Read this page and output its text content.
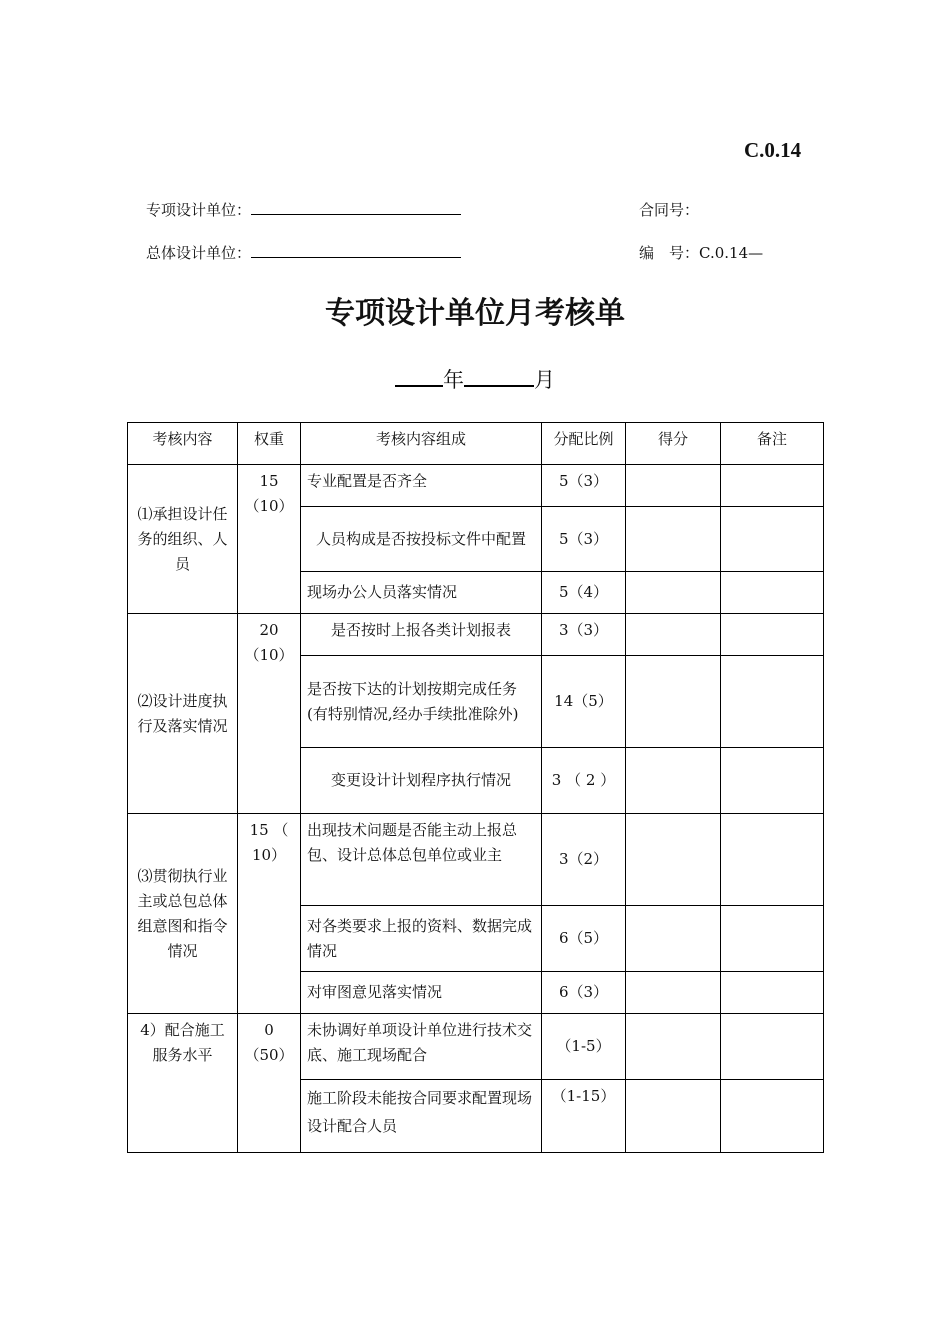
C.0.14
专项设计单位：	合同号：
总体设计单位：	编　号：C.0.14—
专项设计单位月考核单
年	月
考核内容	权重	考核内容组成	分配比例	得分	备注
⑴承担设计任务的组织、人员	15（10）	专业配置是否齐全	5（3）		
		人员构成是否按投标文件中配置	5（3）		
		现场办公人员落实情况	5（4）		
⑵设计进度执行及落实情况	20（10）	是否按时上报各类计划报表	3（3）		
		是否按下达的计划按期完成任务(有特别情况,经办手续批准除外)	14（5）		
		变更设计计划程序执行情况	3 （ 2 ）		
⑶贯彻执行业主或总包总体组意图和指令情况	15 （ 10）	出现技术问题是否能主动上报总包、设计总体总包单位或业主	3（2）		
		对各类要求上报的资料、数据完成情况	6（5）		
		对审图意见落实情况	6（3）		
4）配合施工服务水平	0（50）	未协调好单项设计单位进行技术交底、施工现场配合	（1-5）		
		施工阶段未能按合同要求配置现场设计配合人员	（1-15）		
